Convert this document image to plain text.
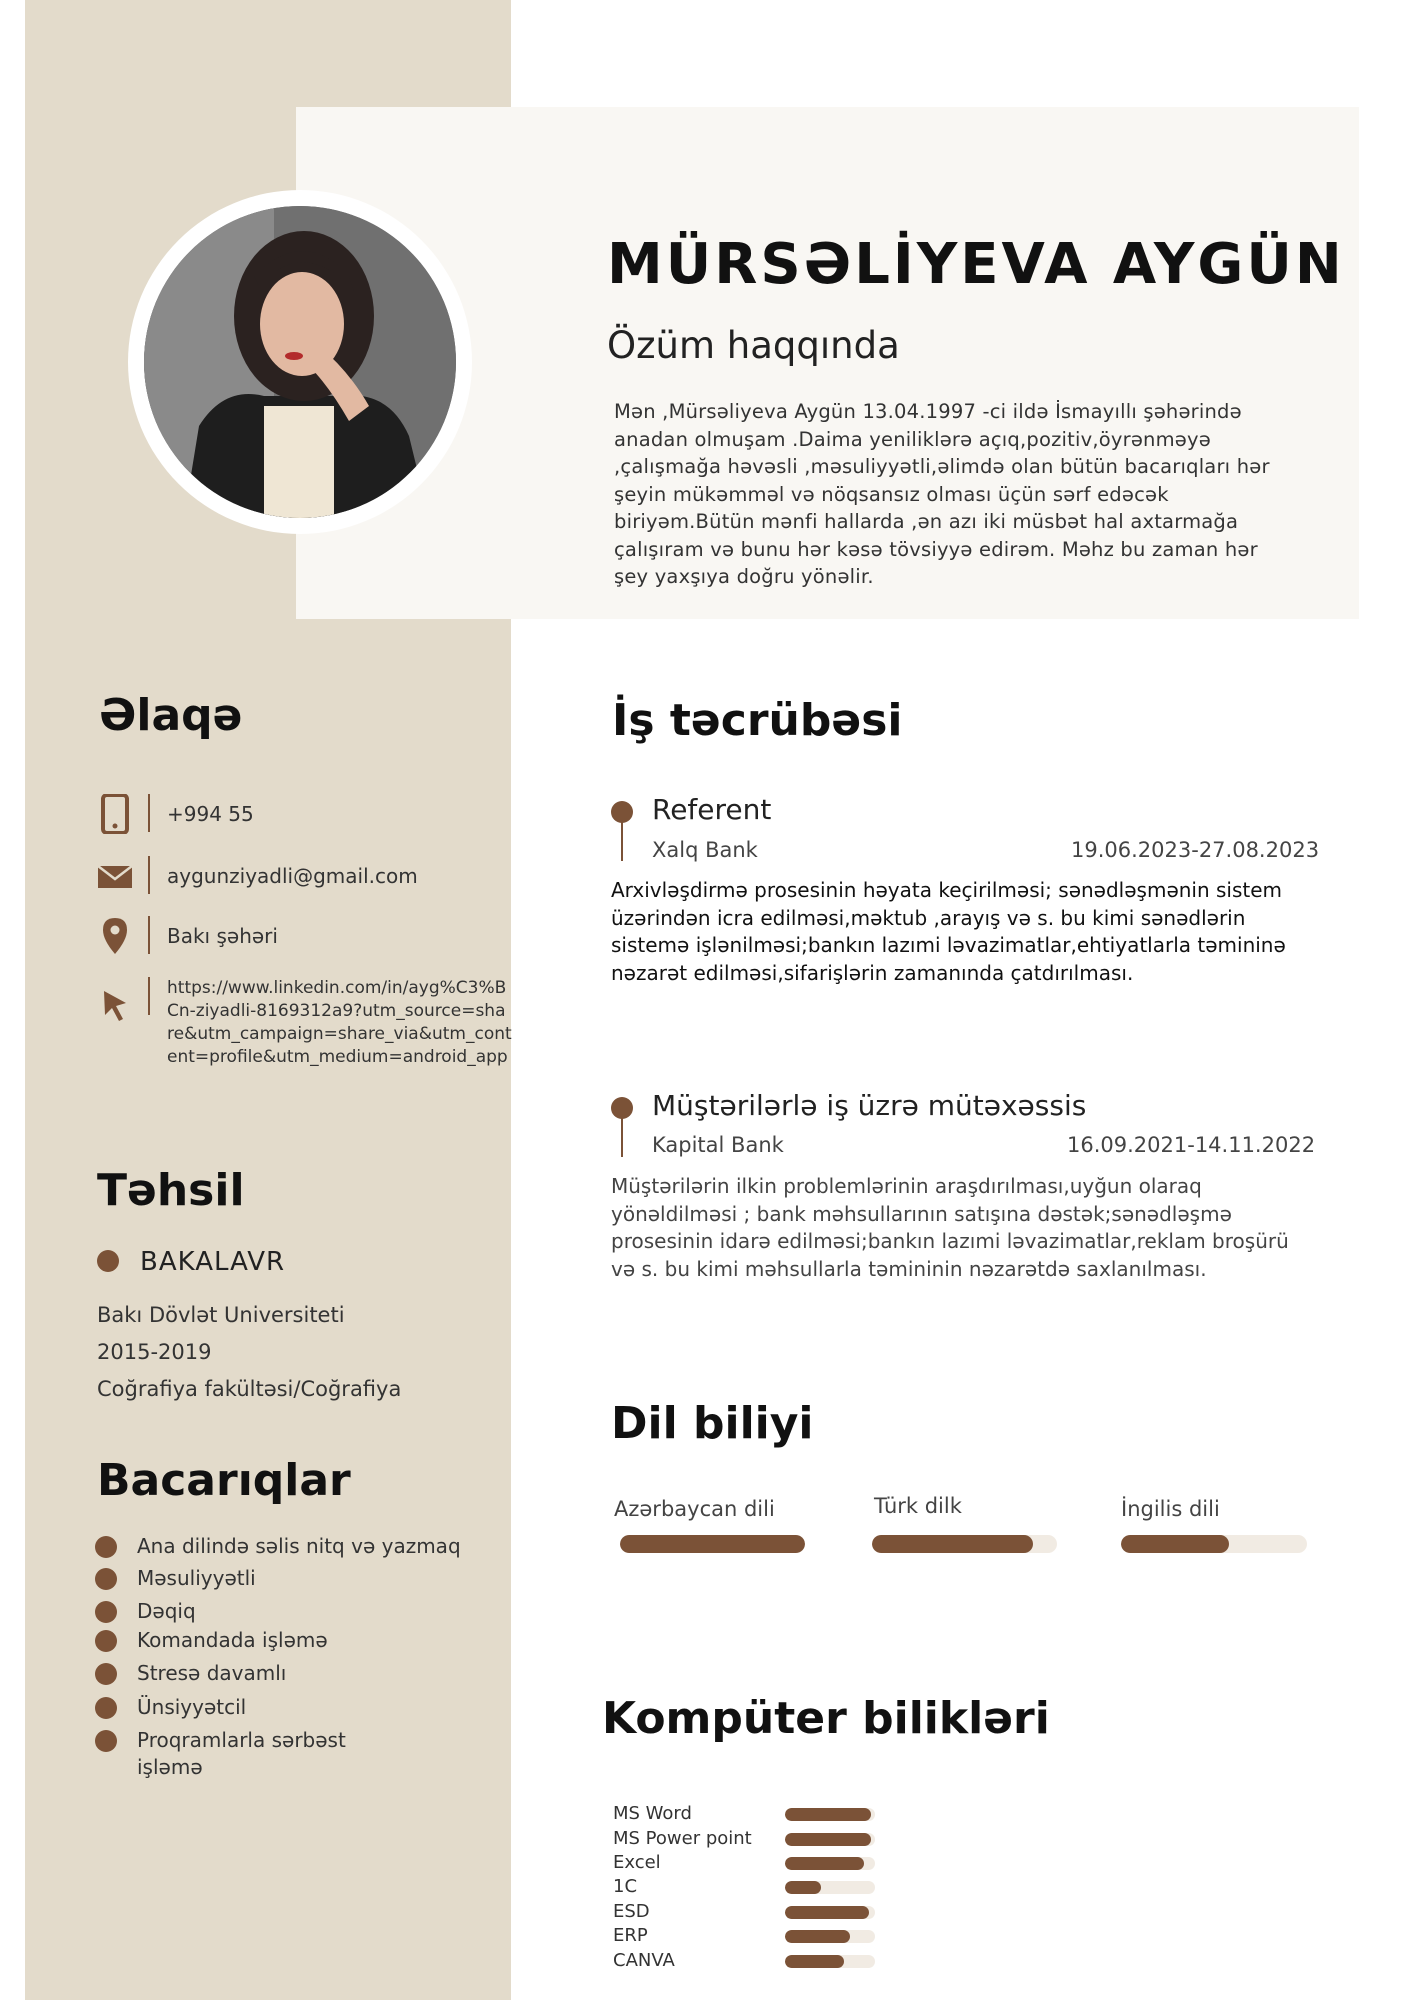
MÜRSƏLİYEVA AYGÜN
Özüm haqqında
Mən ,Mürsəliyeva Aygün 13.04.1997 -ci ildə İsmayıllı şəhərində anadan olmuşam .Daima yeniliklərə açıq,pozitiv,öyrənməyə ,çalışmağa həvəsli ,məsuliyyətli,əlimdə olan bütün bacarıqları hər şeyin mükəmməl və nöqsansız olması üçün sərf edəcək biriyəm.Bütün mənfi hallarda ,ən azı iki müsbət hal axtarmağa çalışıram və bunu hər kəsə tövsiyyə edirəm. Məhz bu zaman hər şey yaxşıya doğru yönəlir.
Əlaqə
+994 55
aygunziyadli@gmail.com
Bakı şəhəri
https://www.linkedin.com/in/ayg%C3%BCn-ziyadli-8169312a9?utm_source=share&utm_campaign=share_via&utm_content=profile&utm_medium=android_app
Təhsil
BAKALAVR
Bakı Dövlət Universiteti
2015-2019
Coğrafiya fakültəsi/Coğrafiya
Bacarıqlar
Ana dilində səlis nitq və yazmaq
Məsuliyyətli
Dəqiq
Komandada işləmə
Stresə davamlı
Ünsiyyətcil
Proqramlarla sərbəst işləmə
İş təcrübəsi
Referent
Xalq Bank	19.06.2023-27.08.2023
Arxivləşdirmə prosesinin həyata keçirilməsi; sənədləşmənin sistem üzərindən icra edilməsi,məktub ,arayış və s. bu kimi sənədlərin sistemə işlənilməsi;bankın lazımi ləvazimatlar,ehtiyatlarla təmininə nəzarət edilməsi,sifarişlərin zamanında çatdırılması.
Müştərilərlə iş üzrə mütəxəssis
Kapital Bank	16.09.2021-14.11.2022
Müştərilərin ilkin problemlərinin araşdırılması,uyğun olaraq yönəldilməsi ; bank məhsullarının satışına dəstək;sənədləşmə prosesinin idarə edilməsi;bankın lazımi ləvazimatlar,reklam broşürü və s. bu kimi məhsullarla təmininin nəzarətdə saxlanılması.
Dil biliyi
Azərbaycan dili	Türk dilk	İngilis dili
Kompüter bilikləri
MS Word
MS Power point
Excel
1C
ESD
ERP
CANVA
